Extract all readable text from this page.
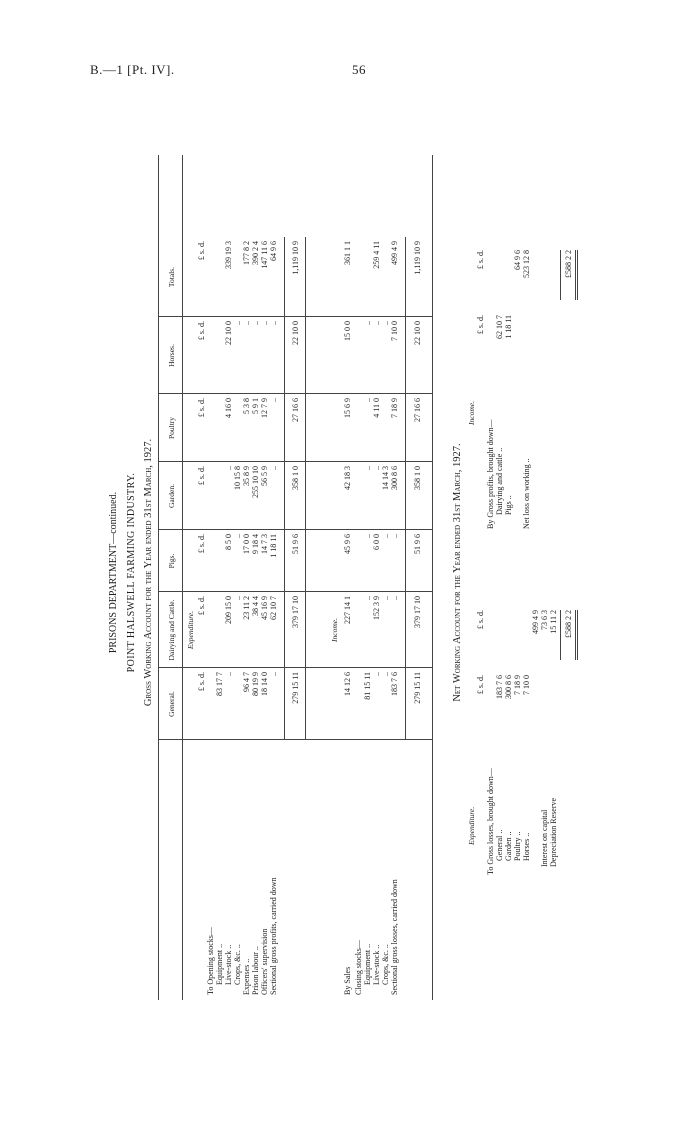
B.—1 [Pt. IV].	56
PRISONS DEPARTMENT—continued. POINT HALSWELL FARMING INDUSTRY. Gross Working Account for the Year ended 31st March, 1927. General.
Dairying and Cattle.
Pigs.
Garden.
Poultry
Horses.
Totals.
Expenditure.
£ s. d.
£ s. d.
£ s. d.
£ s. d.
£ s. d.
£ s. d.
£ s. d.
To Opening stocks— Equipment ..
83 17 7
Live-stock ..
..
209 15 0
8 5 0
..
4 16 0
22 10 0
339 19 3
Crops, &c. ..
..
..
10 15 8
..
Expenses ..
96 4 7
23 11 2
17 0 0
35 8 9
5 3 8
..
177 8 2
Prison labour ..
80 19 9
38 4 4
9 18 4
255 10 10
5 9 1
..
390 2 4
Officers' supervision
18 14 0
45 16 9
14 7 3
56 5 9
12 7 9
..
147 11 6
Sectional gross profits, carried down
..
62 10 7
1 18 11
..
..
..
64 9 6
279 15 11
379 17 10
51 9 6
358 1 0
27 16 6
22 10 0
1,119 10 9
Income.
By Sales
14 12 6
227 14 1
45 9 6
42 18 3
15 6 9
15 0 0
361 1 1
Closing stocks— Equipment ..
81 15 11
..
..
..
..
..
Live-stock ..
..
152 3 9
6 0 0
..
4 11 0
..
259 4 11
Crops, &c. ..
..
..
..
14 14 3
..
Sectional gross losses, carried down
183 7 6
..
..
300 8 6
7 18 9
7 10 0
499 4 9
279 15 11
379 17 10
51 9 6
358 1 0
27 16 6
22 10 0
1,119 10 9
Net Working Account for the Year ended 31st March, 1927.
Expenditure.
Income.
£ s. d.
£ s. d.
£ s. d.
£ s. d.
To Gross losses, brought down— General ..
183 7 6
Garden ..
300 8 6
Poultry ..
7 18 9
Horses ..
7 10 0
499 4 9
Interest on capital
73 6 3
Depreciation Reserve
15 11 2 £588 2 2
By Gross profits, brought down— Dairying and cattle ..
62 10 7
Pigs ..
1 18 11
64 9 6
Net loss on working ..
523 12 8	£588 2 2
